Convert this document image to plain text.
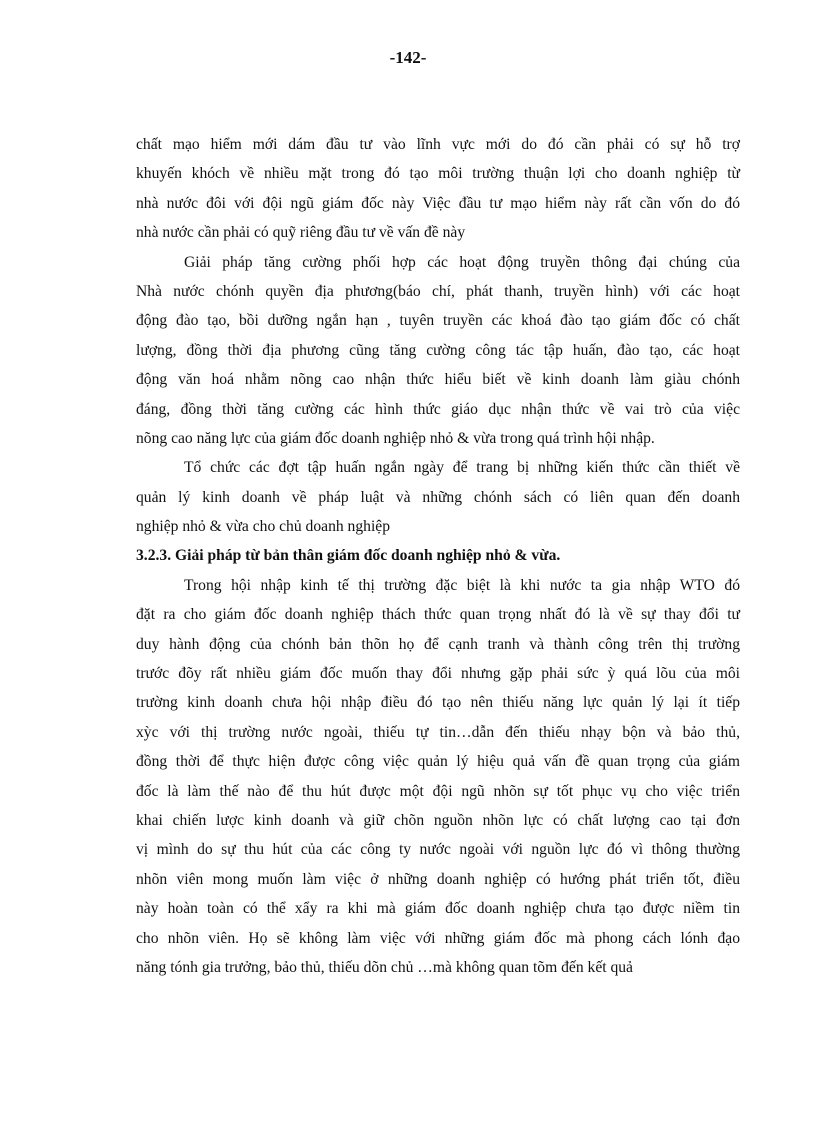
-142-
chất mạo hiểm mới dám đầu tư vào lĩnh vực mới do đó cần phải có sự hỗ trợ
khuyến khóch về nhiều mặt trong đó tạo môi trường thuận lợi cho doanh nghiệp từ
nhà nước đôi với đội ngũ giám đốc này Việc đầu tư mạo hiểm này rất cần vốn do đó
nhà nước cần phải có quỹ riêng đầu tư về vấn đề này
Giải pháp tăng cường phối hợp các hoạt động truyền thông đại chúng của
Nhà nước chónh quyền địa phương(báo chí, phát thanh, truyền hình) với các hoạt
động đào tạo, bồi dưỡng ngắn hạn , tuyên truyền các khoá đào tạo giám đốc có chất
lượng, đồng thời địa phương cũng tăng cường công tác tập huấn, đào tạo, các hoạt
động văn hoá nhằm nõng cao nhận thức hiểu biết về kinh doanh làm giàu chónh
đáng, đồng thời tăng cường các hình thức giáo dục nhận thức về vai trò của việc
nõng cao năng lực của giám đốc doanh nghiệp nhỏ & vừa trong quá trình hội nhập.
Tổ chức các đợt tập huấn ngắn ngày để trang bị những kiến thức cần thiết về
quản lý kinh doanh về pháp luật và những chónh sách có liên quan đến doanh
nghiệp nhỏ & vừa cho chủ doanh nghiệp
3.2.3. Giải pháp từ bản thân giám đốc doanh nghiệp nhỏ & vừa.
Trong hội nhập kinh tế thị trường đặc biệt là khi nước ta gia nhập WTO đó
đặt ra cho giám đốc doanh nghiệp thách thức quan trọng nhất đó là về sự thay đổi tư
duy hành động của chónh bản thõn họ để cạnh tranh và thành công trên thị trường
trước đõy rất nhiều giám đốc muốn thay đổi nhưng gặp phải sức ỳ quá lõu của môi
trường kinh doanh chưa hội nhập điều đó tạo nên thiếu năng lực quản lý lại ít tiếp
xỳc với thị trường nước ngoài, thiếu tự tin…dẫn đến thiếu nhạy bộn và bảo thủ,
đồng thời để thực hiện được công việc quản lý hiệu quả vấn đề quan trọng của giám
đốc là làm thế nào để thu hút được một đội ngũ nhõn sự tốt phục vụ cho việc triển
khai chiến lược kinh doanh và giữ chõn nguồn nhõn lực có chất lượng cao tại đơn
vị mình do sự thu hút của các công ty nước ngoài với nguồn lực đó vì thông thường
nhõn viên mong muốn làm việc ở những doanh nghiệp có hướng phát triển tốt, điều
này hoàn toàn có thể xẩy ra khi mà giám đốc doanh nghiệp chưa tạo được niềm tin
cho nhõn viên. Họ sẽ không làm việc với những giám đốc mà phong cách lónh đạo
năng tónh gia trưởng, bảo thủ, thiếu dõn chủ …mà không quan tõm đến kết quả
